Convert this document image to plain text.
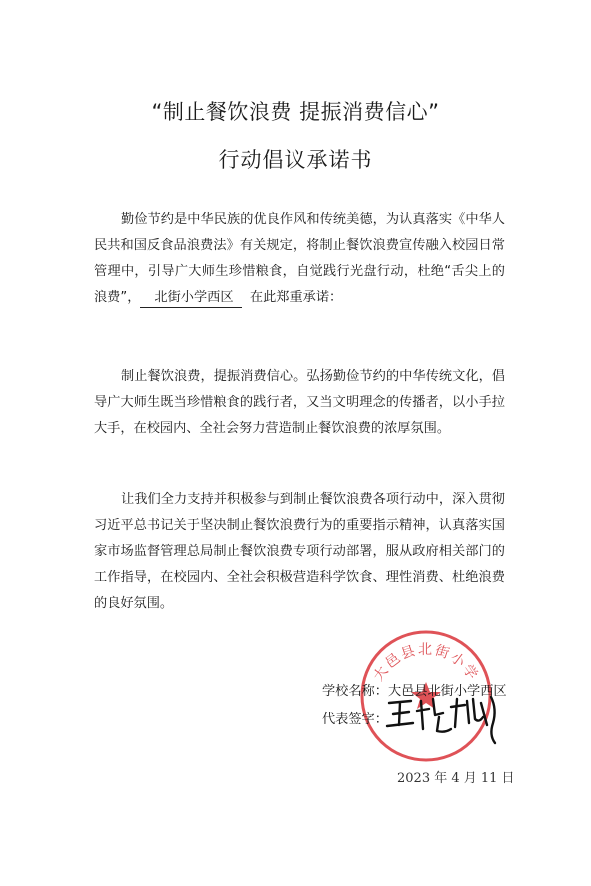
“制止餐饮浪费 提振消费信心”
行动倡议承诺书
勤俭节约是中华民族的优良作风和传统美德，为认真落实《中华人民共和国反食品浪费法》有关规定，将制止餐饮浪费宣传融入校园日常管理中，引导广大师生珍惜粮食，自觉践行光盘行动，杜绝“舌尖上的浪费”， 北街小学西区 在此郑重承诺：
制止餐饮浪费，提振消费信心。弘扬勤俭节约的中华传统文化，倡导广大师生既当珍惜粮食的践行者，又当文明理念的传播者，以小手拉大手，在校园内、全社会努力营造制止餐饮浪费的浓厚氛围。
让我们全力支持并积极参与到制止餐饮浪费各项行动中，深入贯彻习近平总书记关于坚决制止餐饮浪费行为的重要指示精神，认真落实国家市场监督管理总局制止餐饮浪费专项行动部署，服从政府相关部门的工作指导，在校园内、全社会积极营造科学饮食、理性消费、杜绝浪费的良好氛围。
大邑县北街小学
学校名称：大邑县北街小学西区
代表签字：
2023 年 4 月 11 日
